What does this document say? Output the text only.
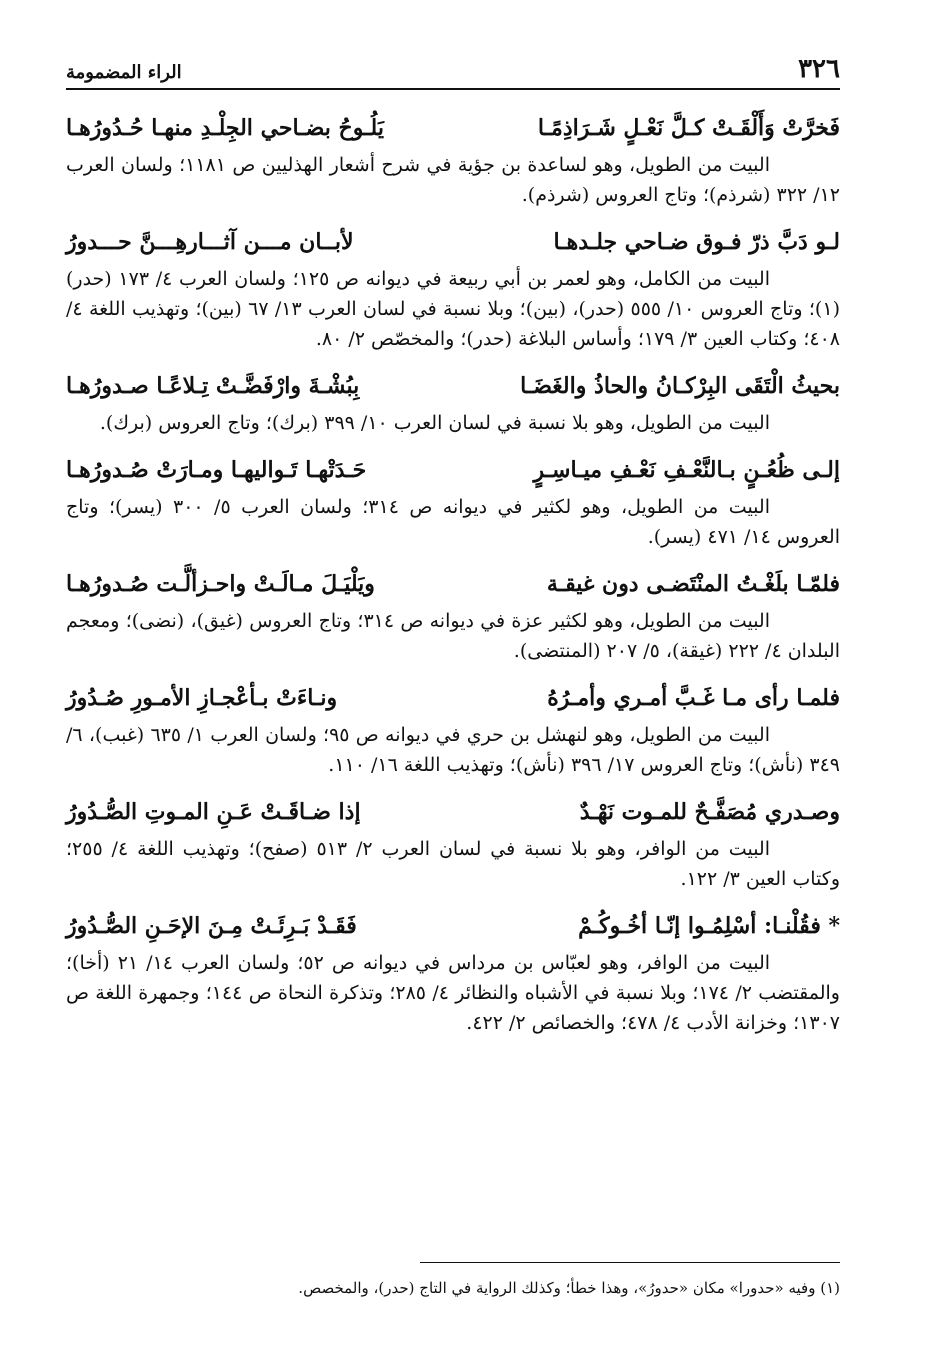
٣٢٦
الراء المضمومة
فَخرَّتْ وَأَلْقَـتْ كـلَّ نَعْـلٍ شَـرَاذِمًـا
يَلُـوحُ بضـاحي الجِلْـدِ منهـا حُـدُورُهـا

البيت من الطويل، وهو لساعدة بن جؤية في شرح أشعار الهذليين ص ١١٨١؛ ولسان العرب ١٢/ ٣٢٢ (شرذم)؛ وتاج العروس (شرذم).

لـو دَبَّ ذرّ فـوق ضـاحي جلـدهـا
لأبــان مـــن آثـــارهِـــنَّ حـــدورُ

البيت من الكامل، وهو لعمر بن أبي ربيعة في ديوانه ص ١٢٥؛ ولسان العرب ٤/ ١٧٣ (حدر)(١)؛ وتاج العروس ١٠/ ٥٥٥ (حدر)، (بين)؛ وبلا نسبة في لسان العرب ١٣/ ٦٧ (بين)؛ وتهذيب اللغة ٤/ ٤٠٨؛ وكتاب العين ٣/ ١٧٩؛ وأساس البلاغة (حدر)؛ والمخصّص ٢/ ٨٠.

بحيثُ الْتَقَى البِرْكـانُ والحاذُ والغَضَـا
بِبُشْـةَ وارْفَضَّـتْ تِـلاعًـا صـدورُهـا

البيت من الطويل، وهو بلا نسبة في لسان العرب ١٠/ ٣٩٩ (برك)؛ وتاج العروس (برك).

إلـى ظُعُـنٍ بـالنَّعْـفِ نَعْـفِ ميـاسِـرٍ
حَـدَتْهـا تَـواليهـا ومـارَتْ صُـدورُهـا

البيت من الطويل، وهو لكثير في ديوانه ص ٣١٤؛ ولسان العرب ٥/ ٣٠٠ (يسر)؛ وتاج العروس ١٤/ ٤٧١ (يسر).

فلمّـا بلَغْـتُ المنْتَضـى دون غيقـة
ويَلْيَـلَ مـالَـتْ واحـزألَّـت صُـدورُهـا

البيت من الطويل، وهو لكثير عزة في ديوانه ص ٣١٤؛ وتاج العروس (غيق)، (نضى)؛ ومعجم البلدان ٤/ ٢٢٢ (غيقة)، ٥/ ٢٠٧ (المنتضى).

فلمـا رأى مـا غَـبَّ أمـري وأمـرُهُ
ونـاءَتْ بـأعْجـازِ الأمـورِ صُـدُورُ

البيت من الطويل، وهو لنهشل بن حري في ديوانه ص ٩٥؛ ولسان العرب ١/ ٦٣٥ (غبب)، ٦/ ٣٤٩ (نأش)؛ وتاج العروس ١٧/ ٣٩٦ (نأش)؛ وتهذيب اللغة ١٦/ ١١٠.

وصـدري مُصَفَّـحٌ للمـوت نَهْـدٌ
إذا ضـاقَـتْ عَـنِ المـوتِ الصُّـدُورُ

البيت من الوافر، وهو بلا نسبة في لسان العرب ٢/ ٥١٣ (صفح)؛ وتهذيب اللغة ٤/ ٢٥٥؛ وكتاب العين ٣/ ١٢٢.

* فقُلْنـا: أسْلِمُـوا إنّـا أخُـوكُـمْ
فَقَـدْ بَـرِئَـتْ مِـنَ الإحَـنِ الصُّـدُورُ

البيت من الوافر، وهو لعبّاس بن مرداس في ديوانه ص ٥٢؛ ولسان العرب ١٤/ ٢١ (أخا)؛ والمقتضب ٢/ ١٧٤؛ وبلا نسبة في الأشباه والنظائر ٤/ ٢٨٥؛ وتذكرة النحاة ص ١٤٤؛ وجمهرة اللغة ص ١٣٠٧؛ وخزانة الأدب ٤/ ٤٧٨؛ والخصائص ٢/ ٤٢٢.

(١) وفيه «حدورا» مكان «حدورُ»، وهذا خطأ؛ وكذلك الرواية في التاج (حدر)، والمخصص.
